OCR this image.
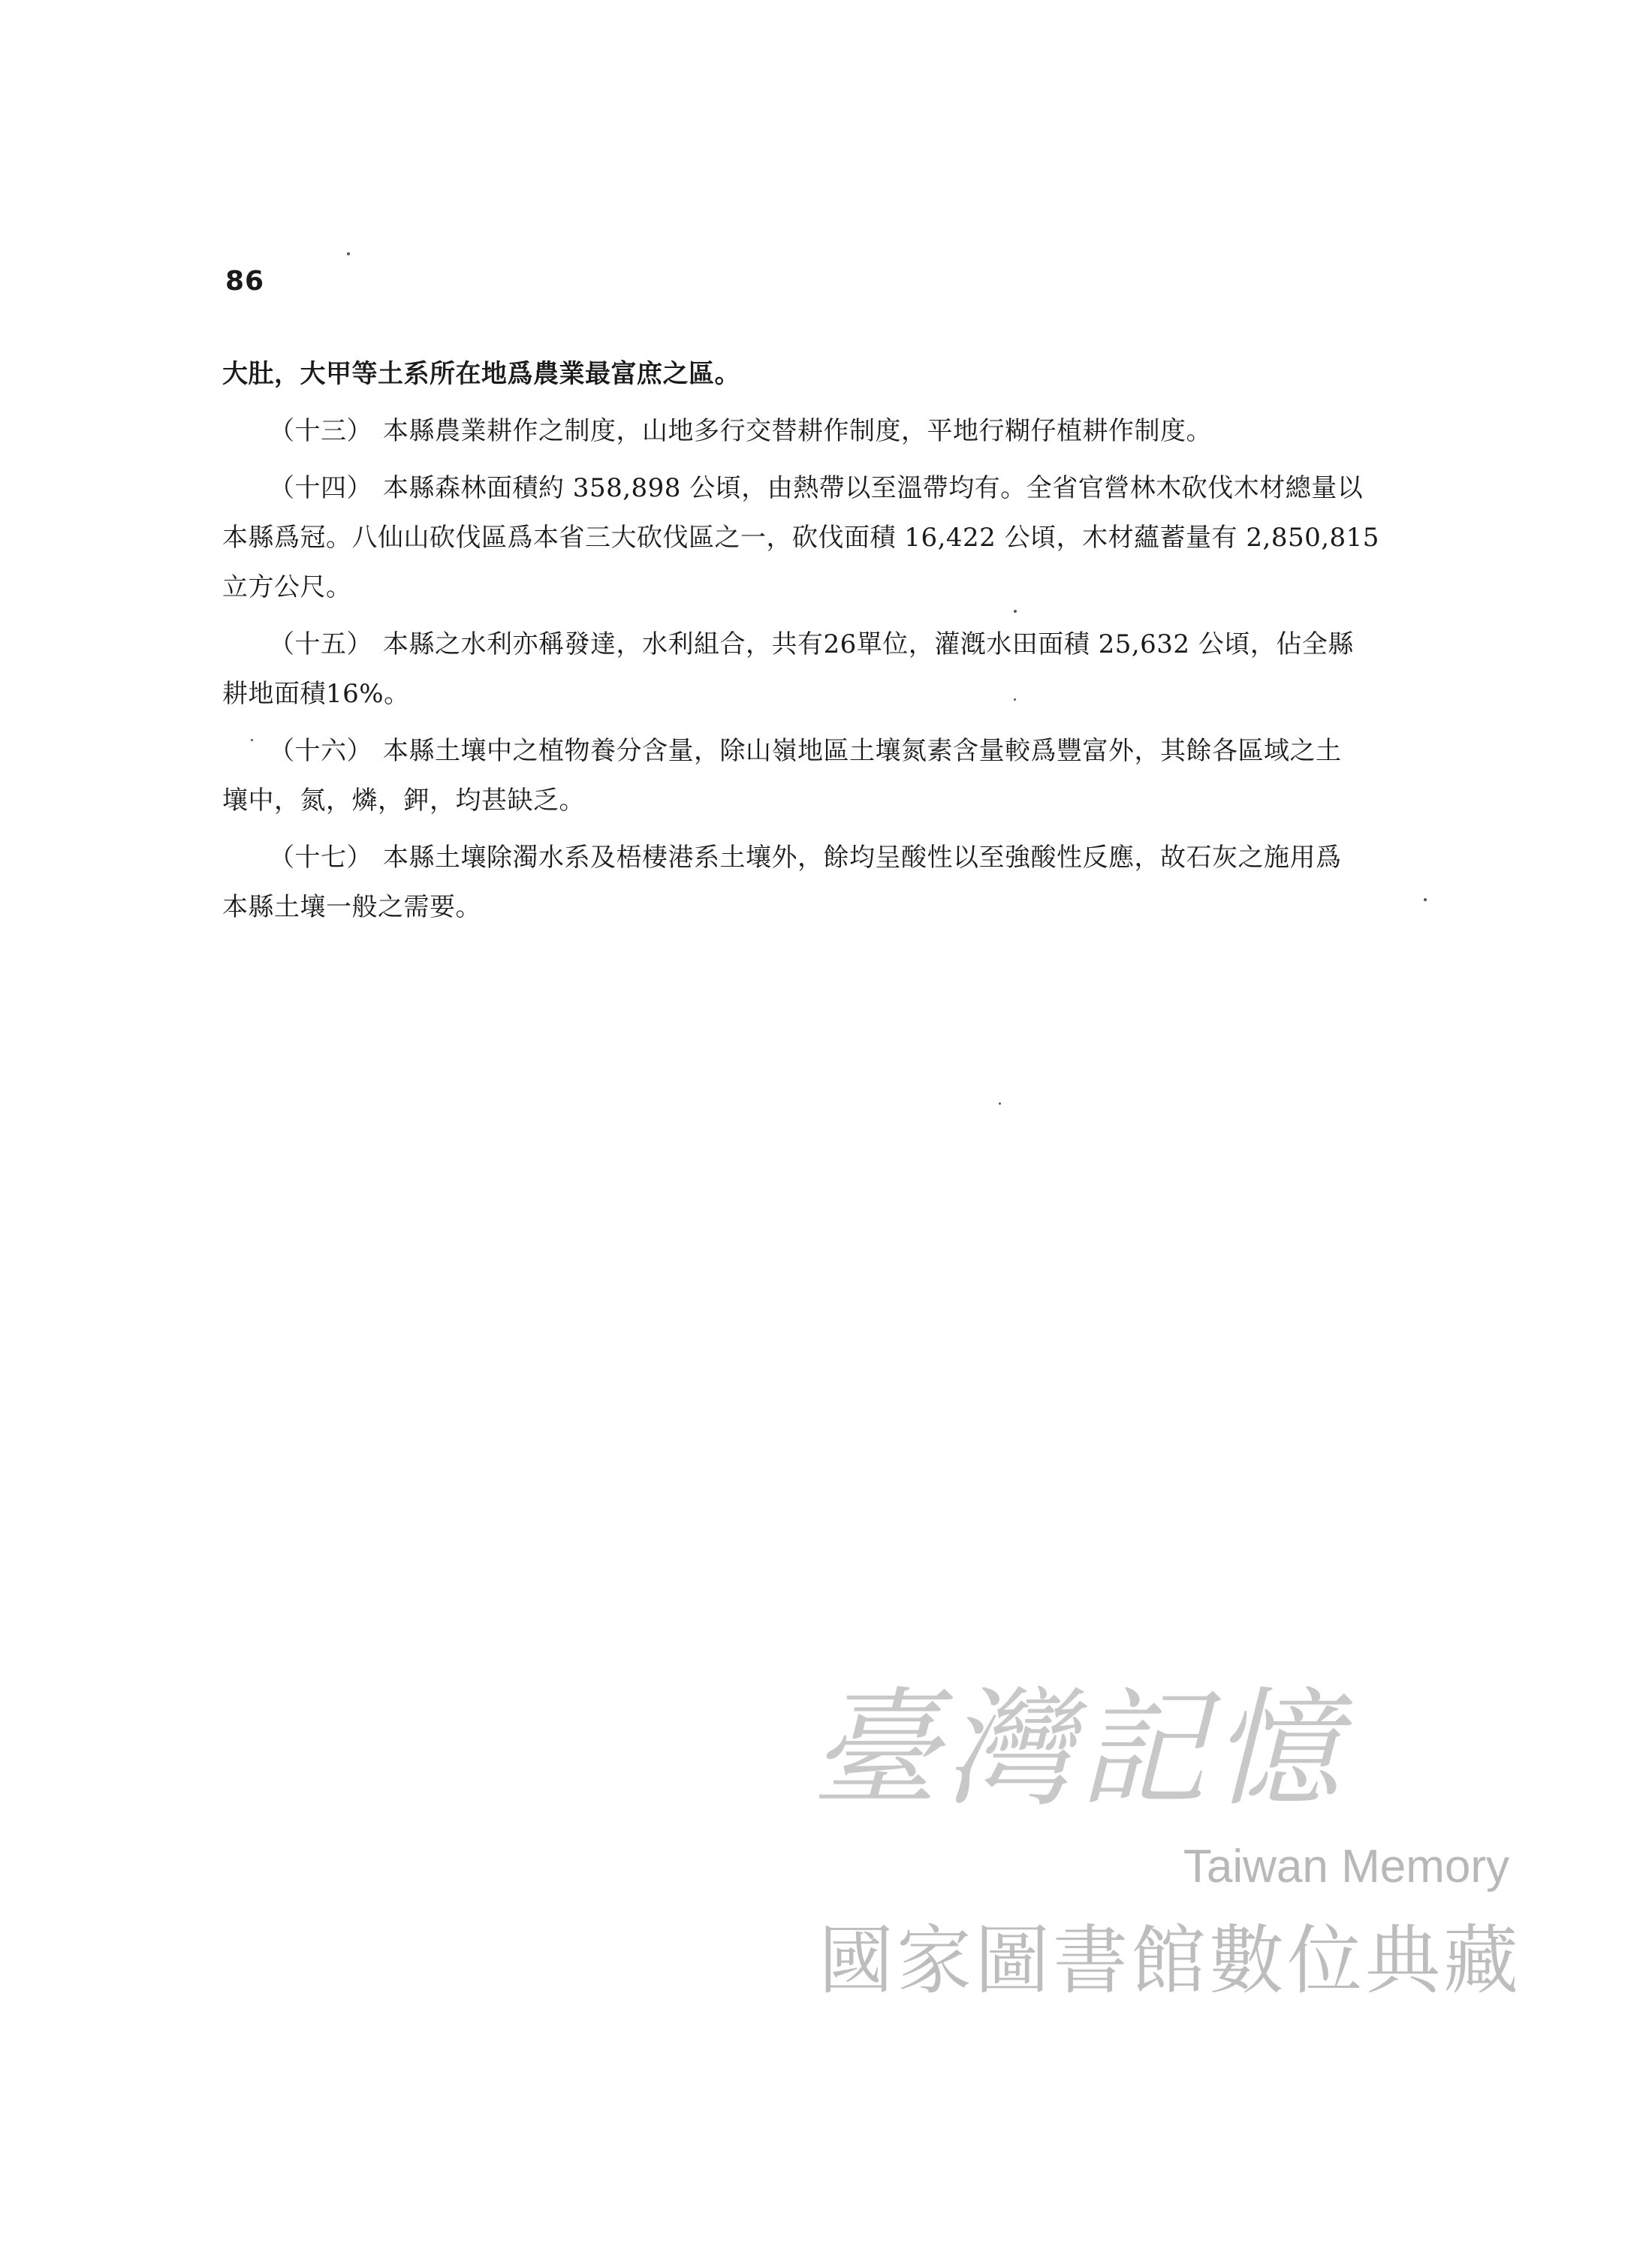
86
大肚，大甲等土系所在地爲農業最富庶之區。
（十三） 本縣農業耕作之制度，山地多行交替耕作制度，平地行糊仔植耕作制度。
（十四） 本縣森林面積約 358,898 公頃，由熱帶以至溫帶均有。全省官營林木砍伐木材總量以
本縣爲冠。八仙山砍伐區爲本省三大砍伐區之一，砍伐面積 16,422 公頃，木材蘊蓄量有 2,850,815
立方公尺。
（十五） 本縣之水利亦稱發達，水利組合，共有26單位，灌漑水田面積 25,632 公頃，佔全縣
耕地面積16%。
（十六） 本縣土壤中之植物養分含量，除山嶺地區土壤氮素含量較爲豐富外，其餘各區域之土
壤中，氮，燐，鉀，均甚缺乏。
（十七） 本縣土壤除濁水系及梧棲港系土壤外，餘均呈酸性以至強酸性反應，故石灰之施用爲
本縣土壤一般之需要。
臺灣記憶
Taiwan Memory
國家圖書館數位典藏
